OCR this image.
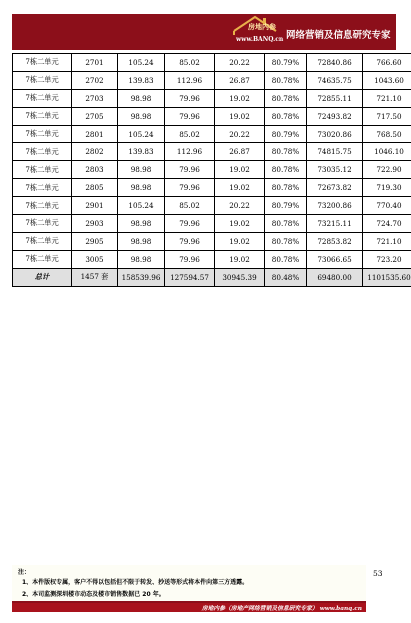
房地内参
www.BANQ.cn 网络营销及信息研究专家
7栋二单元	2701	105.24	85.02	20.22	80.79%	72840.86	766.60
7栋二单元	2702	139.83	112.96	26.87	80.78%	74635.75	1043.60
7栋二单元	2703	98.98	79.96	19.02	80.78%	72855.11	721.10
7栋二单元	2705	98.98	79.96	19.02	80.78%	72493.82	717.50
7栋二单元	2801	105.24	85.02	20.22	80.79%	73020.86	768.50
7栋二单元	2802	139.83	112.96	26.87	80.78%	74815.75	1046.10
7栋二单元	2803	98.98	79.96	19.02	80.78%	73035.12	722.90
7栋二单元	2805	98.98	79.96	19.02	80.78%	72673.82	719.30
7栋二单元	2901	105.24	85.02	20.22	80.79%	73200.86	770.40
7栋二单元	2903	98.98	79.96	19.02	80.78%	73215.11	724.70
7栋二单元	2905	98.98	79.96	19.02	80.78%	72853.82	721.10
7栋二单元	3005	98.98	79.96	19.02	80.78%	73066.65	723.20
总计	1457 套	158539.96	127594.57	30945.39	80.48%	69480.00	1101535.60
53
注：
1、本件版权专属，客户不得以包括但不限于转发、抄送等形式将本件向第三方透露。
2、本司监测深圳楼市动态及楼市销售数据已 20 年。
房地内参（房地产网络营销及信息研究专家） www.banq.cn
